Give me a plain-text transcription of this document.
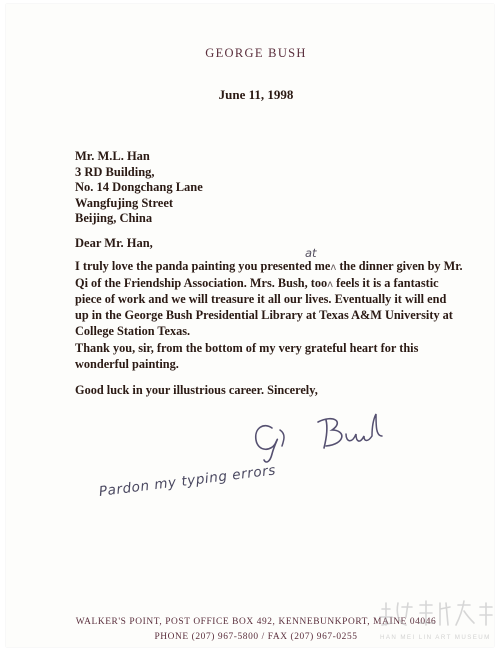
GEORGE BUSH
June 11, 1998
Mr. M.L. Han
3 RD Building,
No. 14 Dongchang Lane
Wangfujing Street
Beijing, China
Dear Mr. Han,
at
I truly love the panda painting you presented meʌ the dinner given by Mr.
Qi of the Friendship Association. Mrs. Bush, tooʌ feels it is a fantastic
piece of work and we will treasure it all our lives. Eventually it will end
up in the George Bush Presidential Library at Texas A&M University at
College Station Texas.
Thank you, sir, from the bottom of my very grateful heart for this
wonderful painting.
Good luck in your illustrious career. Sincerely,
Pardon my typing errors
WALKER'S POINT, POST OFFICE BOX 492, KENNEBUNKPORT, MAINE 04046
PHONE (207) 967-5800 / FAX (207) 967-0255	HAN MEI LIN ART MUSEUM
